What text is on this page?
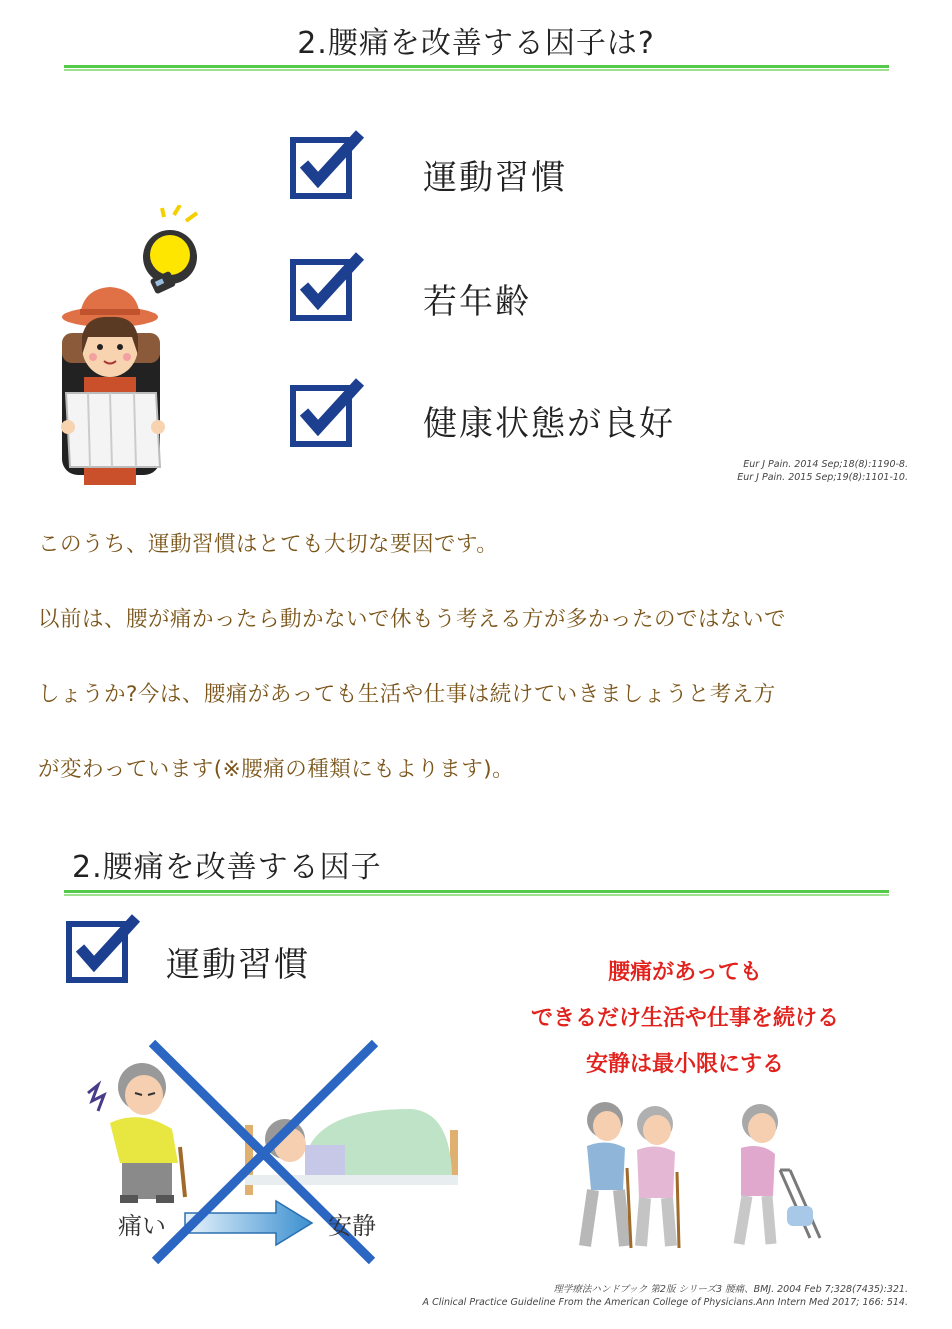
2.腰痛を改善する因子は?
運動習慣
若年齢
健康状態が良好
Eur J Pain. 2014 Sep;18(8):1190-8.
Eur J Pain. 2015 Sep;19(8):1101-10.
このうち、運動習慣はとても大切な要因です。
以前は、腰が痛かったら動かないで休もう考える方が多かったのではないで
しょうか?今は、腰痛があっても生活や仕事は続けていきましょうと考え方
が変わっています(※腰痛の種類にもよります)。
2.腰痛を改善する因子
運動習慣	腰痛があっても
できるだけ生活や仕事を続ける
安静は最小限にする
痛い	安静
理学療法ハンドブック 第2版 シリーズ3 腰痛、BMJ. 2004 Feb 7;328(7435):321.
A Clinical Practice Guideline From the American College of Physicians.Ann Intern Med 2017; 166: 514.
